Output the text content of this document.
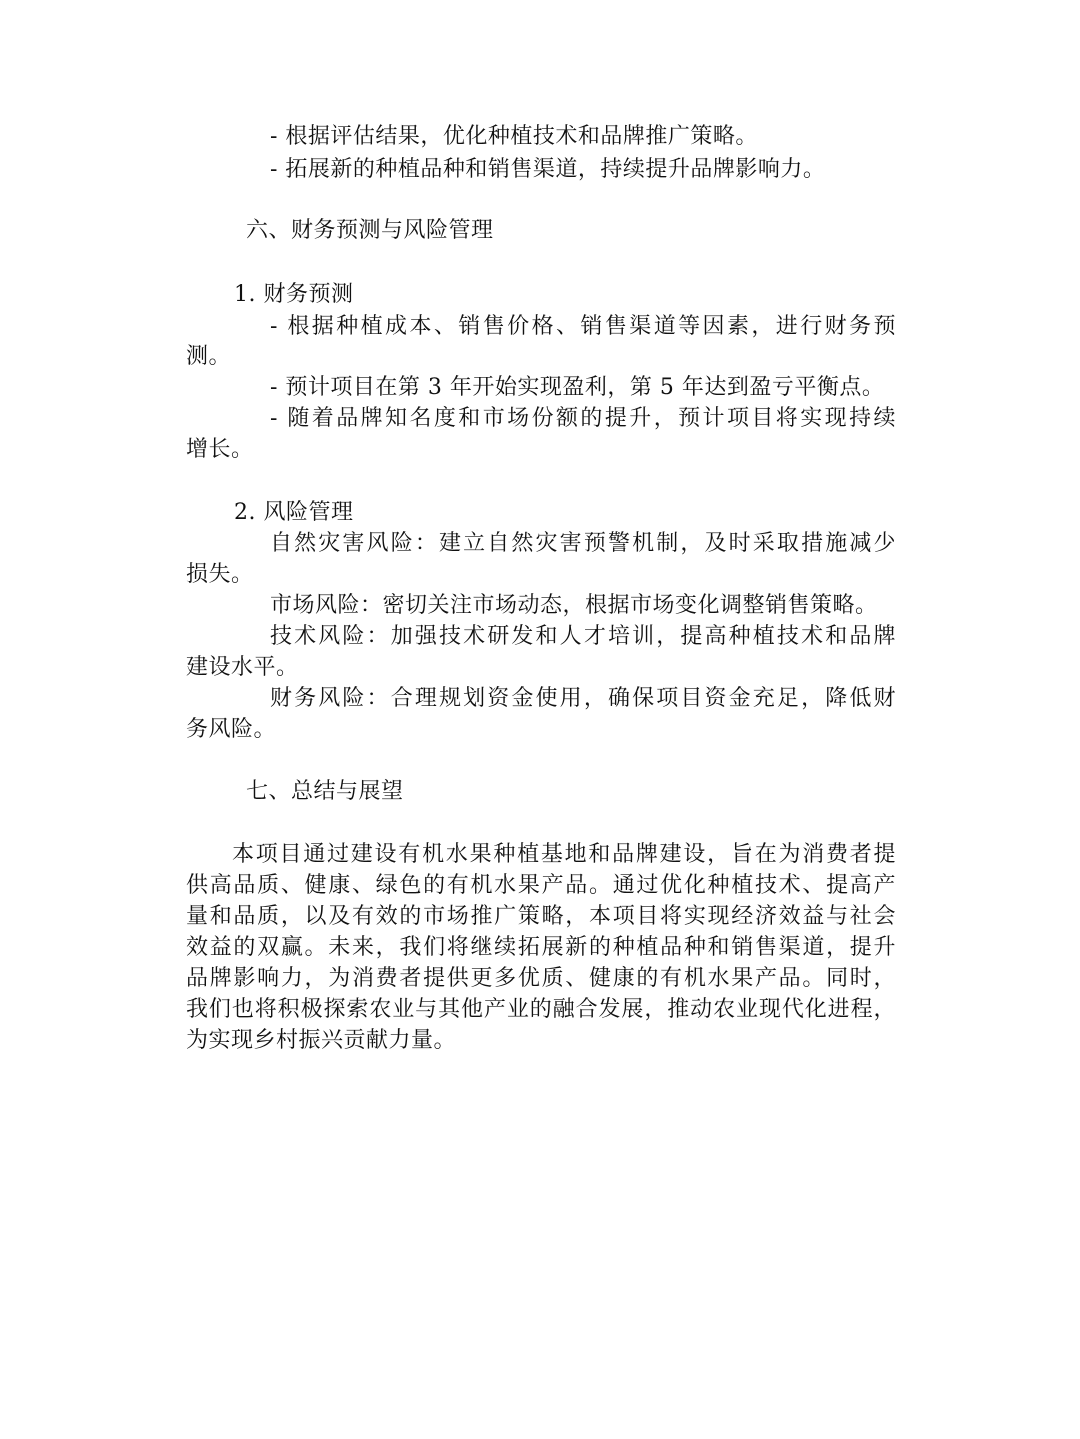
- 根据评估结果，优化种植技术和品牌推广策略。
- 拓展新的种植品种和销售渠道，持续提升品牌影响力。
六、财务预测与风险管理
1. 财务预测
- 根据种植成本、销售价格、销售渠道等因素，进行财务预
测。
- 预计项目在第 3 年开始实现盈利，第 5 年达到盈亏平衡点。
- 随着品牌知名度和市场份额的提升，预计项目将实现持续
增长。
2. 风险管理
自然灾害风险：建立自然灾害预警机制，及时采取措施减少
损失。
市场风险：密切关注市场动态，根据市场变化调整销售策略。
技术风险：加强技术研发和人才培训，提高种植技术和品牌
建设水平。
财务风险：合理规划资金使用，确保项目资金充足，降低财
务风险。
七、总结与展望
本项目通过建设有机水果种植基地和品牌建设，旨在为消费者提
供高品质、健康、绿色的有机水果产品。通过优化种植技术、提高产
量和品质，以及有效的市场推广策略，本项目将实现经济效益与社会
效益的双赢。未来，我们将继续拓展新的种植品种和销售渠道，提升
品牌影响力，为消费者提供更多优质、健康的有机水果产品。同时，
我们也将积极探索农业与其他产业的融合发展，推动农业现代化进程，
为实现乡村振兴贡献力量。
